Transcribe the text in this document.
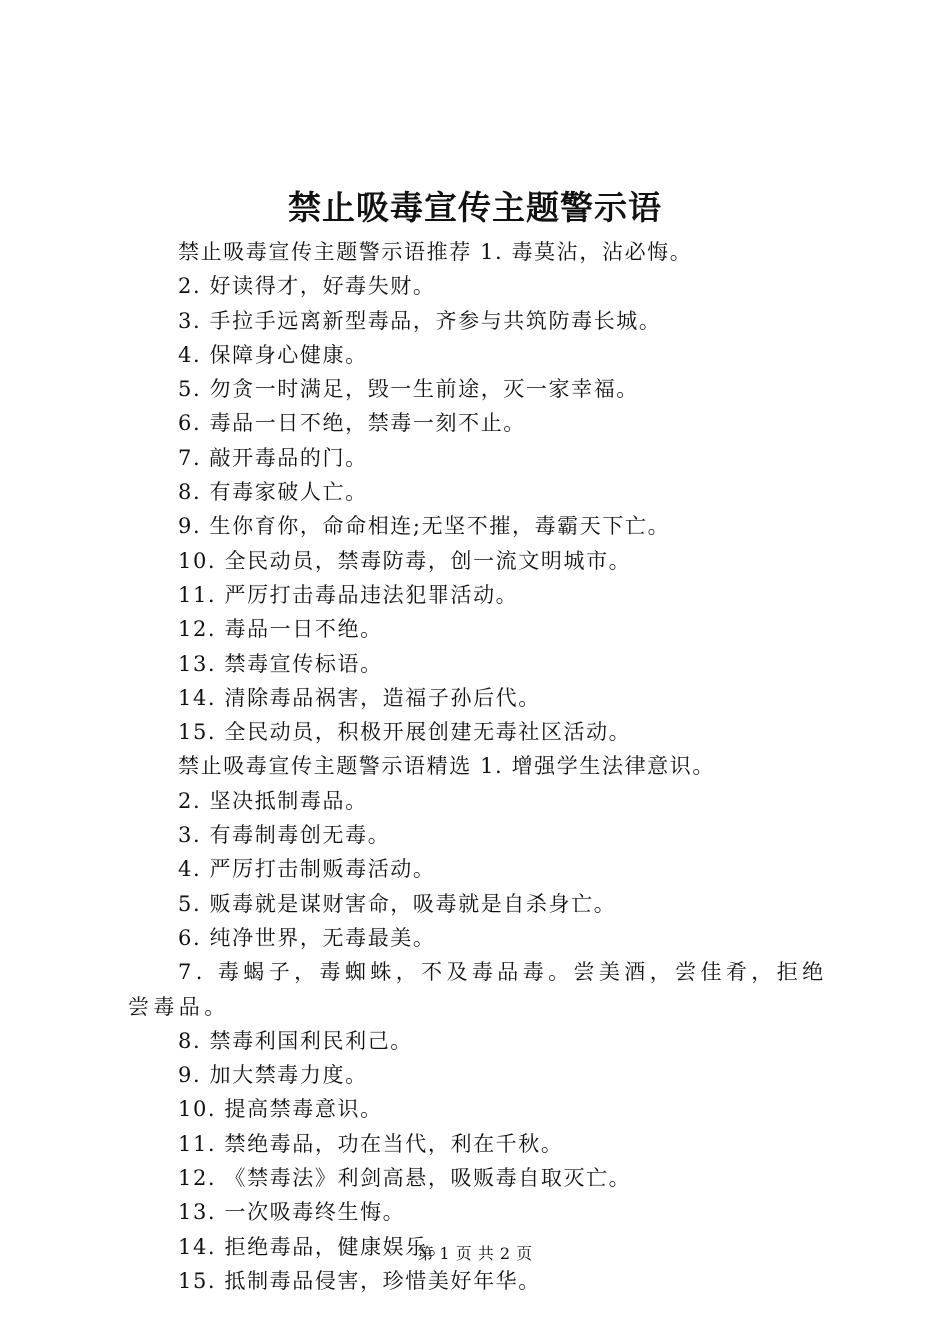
禁止吸毒宣传主题警示语

禁止吸毒宣传主题警示语推荐 1. 毒莫沾，沾必悔。

2. 好读得才，好毒失财。

3. 手拉手远离新型毒品，齐参与共筑防毒长城。

4. 保障身心健康。

5. 勿贪一时满足，毁一生前途，灭一家幸福。

6. 毒品一日不绝，禁毒一刻不止。

7. 敲开毒品的门。

8. 有毒家破人亡。

9. 生你育你，命命相连;无坚不摧，毒霸天下亡。

10. 全民动员，禁毒防毒，创一流文明城市。

11. 严厉打击毒品违法犯罪活动。

12. 毒品一日不绝。

13. 禁毒宣传标语。

14. 清除毒品祸害，造福子孙后代。

15. 全民动员，积极开展创建无毒社区活动。

禁止吸毒宣传主题警示语精选 1. 增强学生法律意识。

2. 坚决抵制毒品。

3. 有毒制毒创无毒。

4. 严厉打击制贩毒活动。

5. 贩毒就是谋财害命，吸毒就是自杀身亡。

6. 纯净世界，无毒最美。

7. 毒蝎子，毒蜘蛛，不及毒品毒。尝美酒，尝佳肴，拒绝尝毒品。

8. 禁毒利国利民利己。

9. 加大禁毒力度。

10. 提高禁毒意识。

11. 禁绝毒品，功在当代，利在千秋。

12. 《禁毒法》利剑高悬，吸贩毒自取灭亡。

13. 一次吸毒终生悔。

14. 拒绝毒品，健康娱乐。

15. 抵制毒品侵害，珍惜美好年华。

第 1 页 共 2 页
